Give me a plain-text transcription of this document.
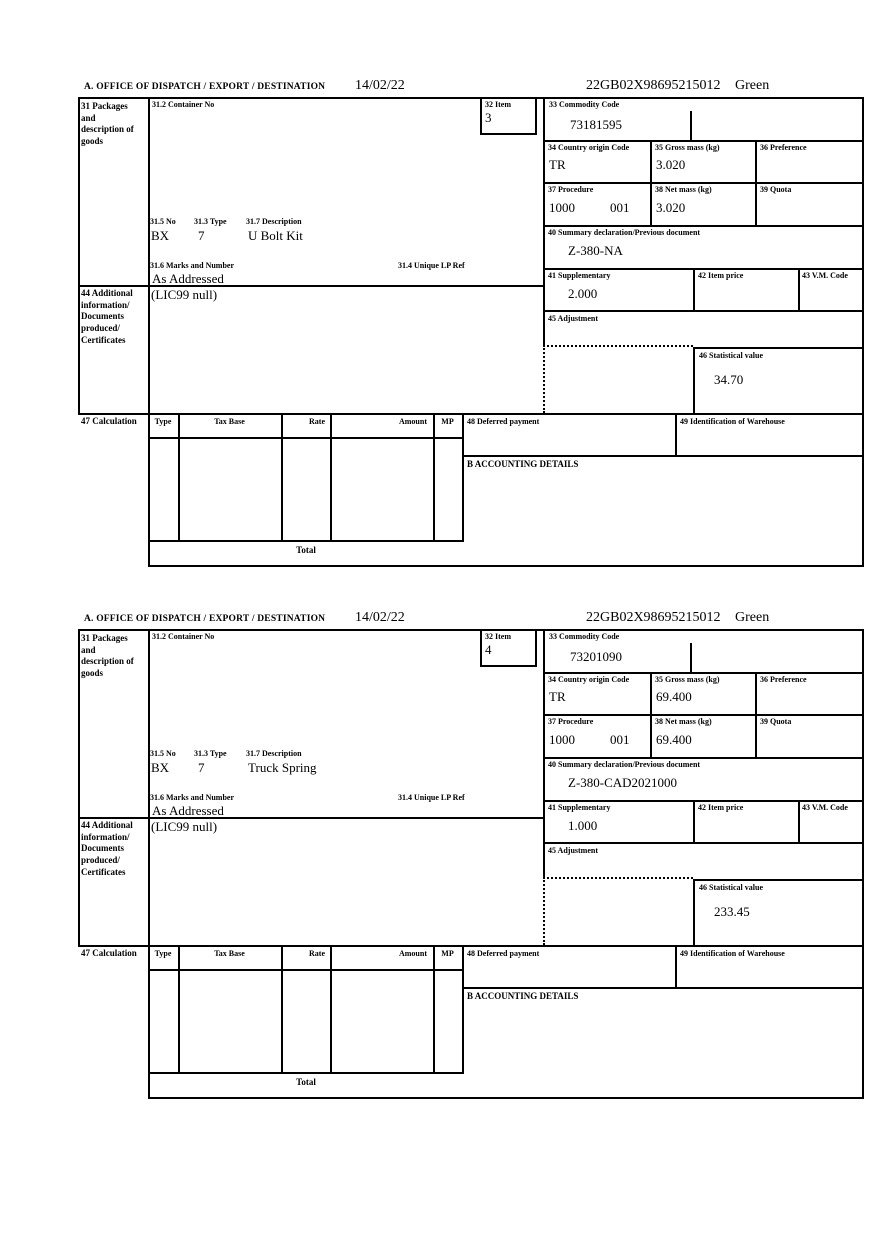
A. OFFICE OF DISPATCH / EXPORT / DESTINATION 14/02/22	22GB02X98695215012 Green
31 Packages and description of goods
31.2 Container No	32 Item
3
33 Commodity Code
73181595
34 Country origin Code
TR
35 Gross mass (kg)
3.020
36 Preference
37 Procedure
1000	001
38 Net mass (kg)
3.020
39 Quota
40 Summary declaration/Previous document
Z-380-NA
41 Supplementary
2.000
42 Item price	43 V.M. Code
45 Adjustment
46 Statistical value
34.70
31.5 No 31.3 Type 31.7 Description
BX 7	U Bolt Kit
31.6 Marks and Number	31.4 Unique LP Ref
As Addressed
44 Additional information/ Documents produced/ Certificates
(LIC99 null)
47 Calculation	Type	Tax Base	Rate	Amount	MP
Total
48 Deferred payment	49 Identification of Warehouse
B ACCOUNTING DETAILS
A. OFFICE OF DISPATCH / EXPORT / DESTINATION 14/02/22	22GB02X98695215012 Green
31 Packages and description of goods
31.2 Container No	32 Item
4
33 Commodity Code
73201090
34 Country origin Code
TR
35 Gross mass (kg)
69.400
36 Preference
37 Procedure
1000	001
38 Net mass (kg)
69.400
39 Quota
40 Summary declaration/Previous document
Z-380-CAD2021000
41 Supplementary
1.000
42 Item price	43 V.M. Code
45 Adjustment
46 Statistical value
233.45
31.5 No 31.3 Type 31.7 Description
BX 7	Truck Spring
31.6 Marks and Number	31.4 Unique LP Ref
As Addressed
44 Additional information/ Documents produced/ Certificates
(LIC99 null)
47 Calculation	Type	Tax Base	Rate	Amount	MP
Total
48 Deferred payment	49 Identification of Warehouse
B ACCOUNTING DETAILS
